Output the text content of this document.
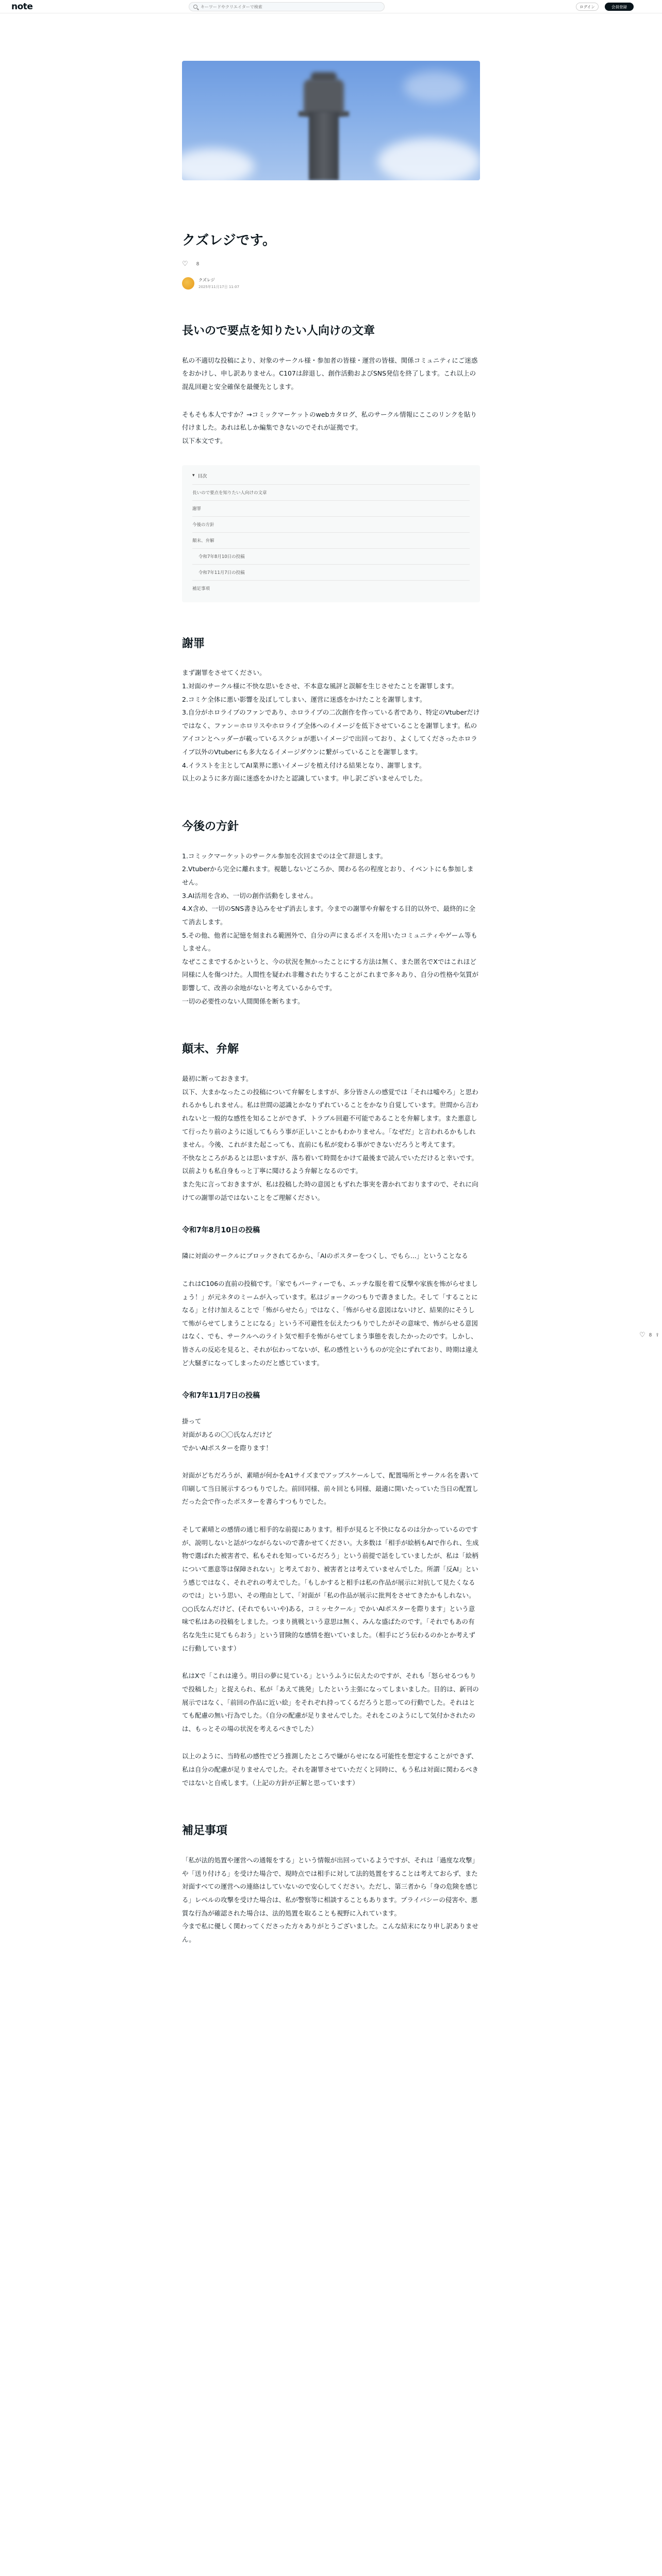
note
キーワードやクリエイターで検索	ログイン	会員登録
♡ 8 ⇪
クズレジです。
♡ 8
クズレジ
2025年11月17日 11:07
長いので要点を知りたい人向けの文章
私の不適切な投稿により、対象のサークル様・参加者の皆様・運営の皆様、関係コミュニティにご迷惑をおかけし、申し訳ありません。C107は辞退し、創作活動およびSNS発信を終了します。これ以上の混乱回避と安全確保を最優先とします。
そもそも本人ですか？→コミックマーケットのwebカタログ、私のサークル情報にここのリンクを貼り付けました。あれは私しか編集できないのでそれが証拠です。
以下本文です。
▾ 目次
長いので要点を知りたい人向けの文章
謝罪
今後の方針
顛末、弁解
令和7年8月10日の投稿
令和7年11月7日の投稿
補足事項
謝罪
まず謝罪をさせてください。
1.対面のサークル様に不快な思いをさせ、不本意な風評と誤解を生じさせたことを謝罪します。
2.コミケ全体に悪い影響を及ぼしてしまい、運営に迷惑をかけたことを謝罪します。
3.自分がホロライブのファンであり、ホロライブの二次創作を作っている者であり、特定のVtuberだけではなく、ファン＝ホロリスやホロライブ全体へのイメージを低下させていることを謝罪します。私のアイコンとヘッダーが載っているスクショが悪いイメージで出回っており、よくしてくださったホロライブ以外のVtuberにも多大なるイメージダウンに繋がっていることを謝罪します。
4.イラストを主としてAI業界に悪いイメージを植え付ける結果となり、謝罪します。
以上のように多方面に迷惑をかけたと認識しています。申し訳ございませんでした。
今後の方針
1.コミックマーケットのサークル参加を次回までのは全て辞退します。
2.Vtuberから完全に離れます。視聴しないどころか、関わる名の程度とおり、イベントにも参加しません。
3.AI活用を含め、一切の創作活動をしません。
4.X含め、一切のSNS書き込みをせず消去します。今までの謝罪や弁解をする目的以外で、最終的に全て消去します。
5.その他、他者に記憶を刻まれる範囲外で、自分の声にまるボイスを用いたコミュニティやゲーム等もしません。
なぜここまでするかというと、今の状況を無かったことにする方法は無く、また匿名でXではこれほど同様に人を傷つけた。人間性を疑われ非難されたりすることがこれまで多々あり、自分の性格や気質が影響して、改善の余地がないと考えているからです。
一切の必要性のない人間関係を断ちます。
顛末、弁解
最初に断っておきます。
以下、大まかなったこの投稿について弁解をしますが、多分皆さんの感覚では「それは嘘やろ」と思われるかもしれません。私は世間の認識とかなりずれていることをかなり自覚しています。世間から言われないと一般的な感性を知ることができず、トラブル回避不可能であることを弁解します。また悪意して行ったり前のように返してもらう事が正しいことかもわかりません。「なぜだ」と言われるかもしれません。今後、これがまた起こっても、直前にも私が変わる事ができないだろうと考えてます。
不快なところがあるとは思いますが、落ち着いて時間をかけて最後まで読んでいただけると幸いです。以前よりも私自身もっと丁寧に聞けるよう弁解となるのです。
また先に言っておきますが、私は投稿した時の意図ともずれた事実を書かれておりますので、それに向けての謝罪の話ではないことをご理解ください。
令和7年8月10日の投稿
隣に対面のサークルにブロックされてるから、「AIのポスターをつくし、でもら...」ということなる
これはC106の直前の投稿です。「家でもパーティーでも、エッチな服を着て反撃や家族を怖がらせましょう！」が元ネタのミームが入っています。私はジョークのつもりで書きました。そして「することになる」と付け加えることで「怖がらせたら」ではなく、「怖がらせる意図はないけど、結果的にそうして怖がらせてしまうことになる」という不可避性を伝えたつもりでしたがその意味で、怖がらせる意図はなく、でも、サークルへのライト気で相手を怖がらせてしまう事態を表したかったのです。しかし、皆さんの反応を見ると、それが伝わってないが、私の感性というものが完全にずれており、時期は違えど大騒ぎになってしまったのだと感じています。
令和7年11月7日の投稿
掛って
対面があるの〇〇氏なんだけど
でかいAIポスターを際ります！
対面がどちだろうが、素晴が何かをA1サイズまでアップスケールして、配置場所とサークル名を書いて印刷して当日展示するつもりでした。前回同様、前々回とも同様、最適に開いたっていた当日の配置しだった会で作ったポスターを書らすつもりでした。
そして素晴との感情の通じ相手的な前提にあります。相手が見ると不快になるのは分かっているのですが、説明しないと話がつながらないので書かせてください。大多数は「相手が絵柄もAIで作られ、生成物で選ばれた被害者で、私もそれを知っているだろう」という前提で話をしていましたが、私は「絵柄について悪意等は保障されない」と考えており、被害者とは考えていませんでした。所謂「反AI」という感じではなく、それぞれの考えでした。「もしかすると相手は私の作品が展示に対抗して見たくなるのでは」という思い、その理由として、「対面が「私の作品が展示に批判をさせてきたかもしれない。○○氏なんだけど、(それでもいいや)ある，コミッセクール」でかいAIポスターを際ります」という意味で私はあの投稿をしました。つまり挑戦という意思は無く、みんな盛ぱたのです。「それでもあの有名な先生に見てもらおう」という冒険的な感情を抱いていました。（相手にどう伝わるのかとか考えずに行動しています）
私はXで「これは違う。明日の夢に見ている」というふうに伝えたのですが、それも「怒らせるつもりで投稿した」と捉えられ、私が「あえて挑発」したという主張になってしまいました。目的は、新刊の展示ではなく、「前回の作品に近い絵」をそれぞれ持ってくるだろうと思っての行動でした。それはとても配慮の無い行為でした。（自分の配慮が足りませんでした。それをこのようにして気付かされたのは、もっとその場の状況を考えるべきでした）
以上のように、当時私の感性でどう推測したところで嫌がらせになる可能性を想定することができず、私は自分の配慮が足りませんでした。それを謝罪させていただくと同時に、もう私は対面に関わるべきではないと自戒します。（上記の方針が正解と思っています）
補足事項
「私が法的処置や運営への通報をする」という情報が出回っているようですが、それは「過度な攻撃」や「送り付ける」を受けた場合で、現時点では相手に対して法的処置をすることは考えておらず、また対面すべての運営への連絡はしていないので安心してください。ただし、第三者から「身の危険を感じる」レベルの攻撃を受けた場合は、私が警察等に相談することもあります。プライバシーの侵害や、悪質な行為が確認された場合は、法的処置を取ることも視野に入れています。
今まで私に優しく関わってくださった方々ありがとうございました。こんな結末になり申し訳ありません。
